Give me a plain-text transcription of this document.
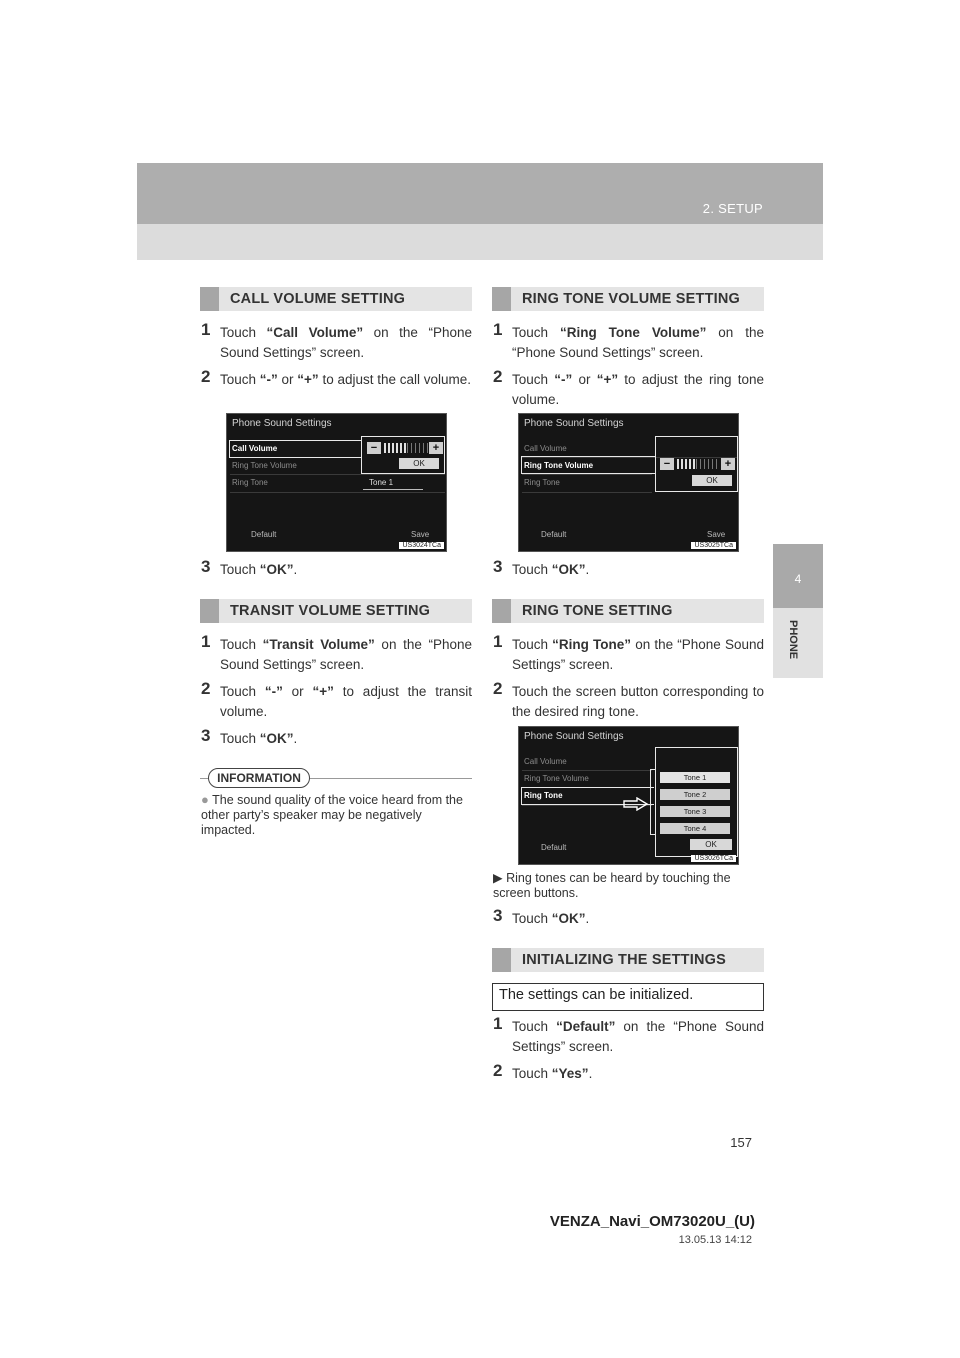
2. SETUP
4
PHONE
CALL VOLUME SETTING
1 Touch “Call Volume” on the “Phone Sound Settings” screen.
2 Touch “-” or “+” to adjust the call volume.
Phone Sound Settings
Call Volume
Ring Tone Volume
Ring Tone
−	+
OK
Tone 1
Default	Save
US3024TCa
3 Touch “OK”.
TRANSIT VOLUME SETTING
1 Touch “Transit Volume” on the “Phone Sound Settings” screen.
2 Touch “-” or “+” to adjust the transit volume.
3 Touch “OK”.
INFORMATION
● The sound quality of the voice heard from the other party’s speaker may be negatively impacted.
RING TONE VOLUME SETTING
1 Touch “Ring Tone Volume” on the “Phone Sound Settings” screen.
2 Touch “-” or “+” to adjust the ring tone volume.
Phone Sound Settings
Call Volume
Ring Tone Volume
Ring Tone
−	+
OK
Default	Save
US3025TCa
3 Touch “OK”.
RING TONE SETTING
1 Touch “Ring Tone” on the “Phone Sound Settings” screen.
2 Touch the screen button corresponding to the desired ring tone.
Phone Sound Settings
Call Volume
Ring Tone Volume
Ring Tone
Tone 1
Tone 2
Tone 3
Tone 4
OK
Default
US3026TCa
▶ Ring tones can be heard by touching the screen buttons.
3 Touch “OK”.
INITIALIZING THE SETTINGS
The settings can be initialized.
1 Touch “Default” on the “Phone Sound Settings” screen.
2 Touch “Yes”.
157
VENZA_Navi_OM73020U_(U)
13.05.13 14:12
